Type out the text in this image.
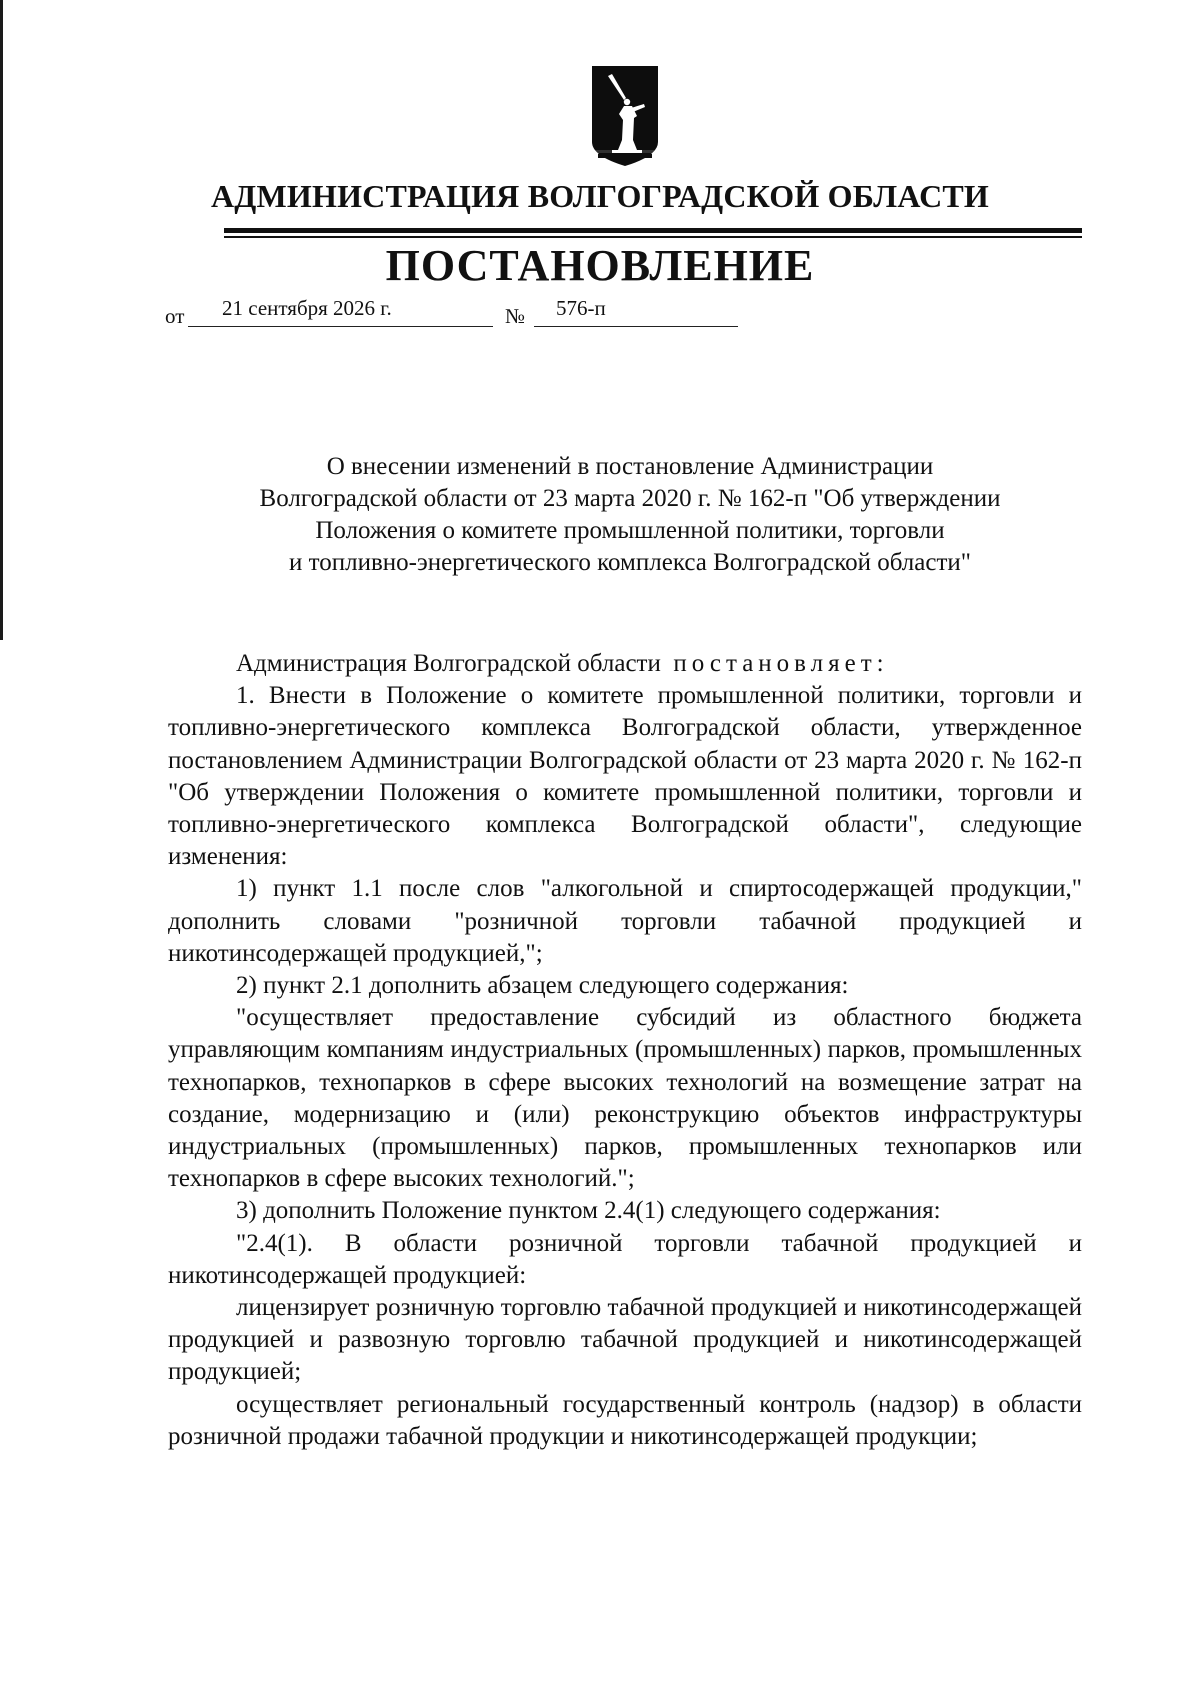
АДМИНИСТРАЦИЯ ВОЛГОГРАДСКОЙ ОБЛАСТИ
ПОСТАНОВЛЕНИЕ
от 21 сентября 2026 г.	№ 576-п
О внесении изменений в постановление Администрации
Волгоградской области от 23 марта 2020 г. № 162-п "Об утверждении
Положения о комитете промышленной политики, торговли
и топливно-энергетического комплекса Волгоградской области"

Администрация Волгоградской области постановляет:

1. Внести в Положение о комитете промышленной политики, торговли и топливно-энергетического комплекса Волгоградской области, утвержденное постановлением Администрации Волгоградской области от 23 марта 2020 г. № 162-п "Об утверждении Положения о комитете промышленной политики, торговли и топливно-энергетического комплекса Волгоградской области", следующие изменения:

1) пункт 1.1 после слов "алкогольной и спиртосодержащей продукции," дополнить словами "розничной торговли табачной продукцией и никотинсодержащей продукцией,";

2) пункт 2.1 дополнить абзацем следующего содержания:

"осуществляет предоставление субсидий из областного бюджета управляющим компаниям индустриальных (промышленных) парков, промышленных технопарков, технопарков в сфере высоких технологий на возмещение затрат на создание, модернизацию и (или) реконструкцию объектов инфраструктуры индустриальных (промышленных) парков, промышленных технопарков или технопарков в сфере высоких технологий.";

3) дополнить Положение пунктом 2.4(1) следующего содержания:

"2.4(1). В области розничной торговли табачной продукцией и никотинсодержащей продукцией:

лицензирует розничную торговлю табачной продукцией и никотинсодержащей продукцией и развозную торговлю табачной продукцией и никотинсодержащей продукцией;

осуществляет региональный государственный контроль (надзор) в области розничной продажи табачной продукции и никотинсодержащей продукции;
